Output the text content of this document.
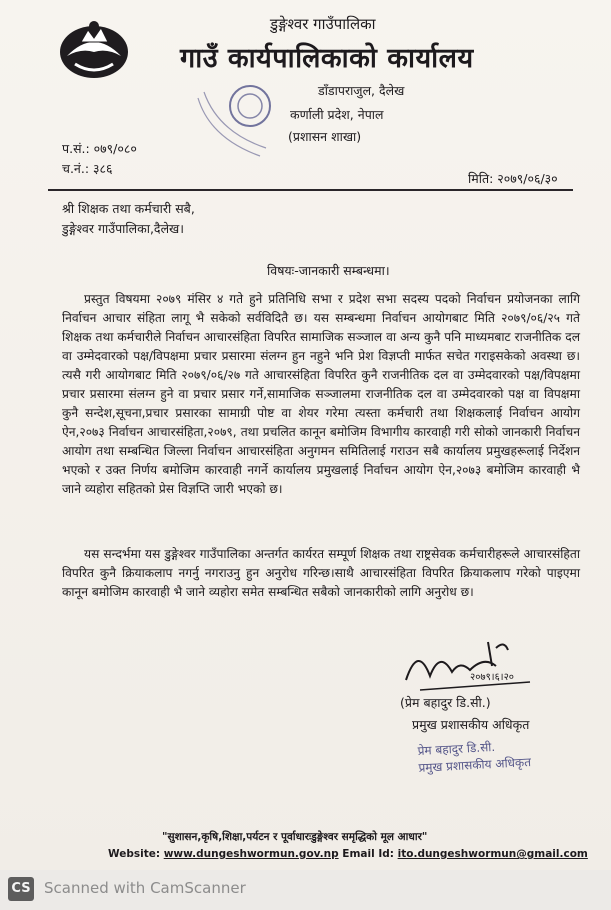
डुङ्गेश्वर गाउँपालिका
गाउँ कार्यपालिकाको कार्यालय
डाँडापराजुल, दैलेख
कर्णाली प्रदेश, नेपाल
(प्रशासन शाखा)
प.सं.: ०७९/०८०
च.नं.: ३८६
मिति: २०७९/०६/३०
श्री शिक्षक तथा कर्मचारी सबै,
डुङ्गेश्वर गाउँपालिका,दैलेख।
विषयः-जानकारी सम्बन्धमा।

प्रस्तुत विषयमा २०७९ मंसिर ४ गते हुने प्रतिनिधि सभा र प्रदेश सभा सदस्य पदको निर्वाचन प्रयोजनका लागि निर्वाचन आचार संहिता लागू भै सकेको सर्वविदितै छ। यस सम्बन्धमा निर्वाचन आयोगबाट मिति २०७९/०६/२५ गते शिक्षक तथा कर्मचारीले निर्वाचन आचारसंहिता विपरित सामाजिक सञ्जाल वा अन्य कुनै पनि माध्यमबाट राजनीतिक दल वा उम्मेदवारको पक्ष/विपक्षमा प्रचार प्रसारमा संलग्न हुन नहुने भनि प्रेश विज्ञप्ती मार्फत सचेत गराइसकेको अवस्था छ।त्यसै गरी आयोगबाट मिति २०७९/०६/२७ गते आचारसंहिता विपरित कुनै राजनीतिक दल वा उम्मेदवारको पक्ष/विपक्षमा प्रचार प्रसारमा संलग्न हुने वा प्रचार प्रसार गर्ने,सामाजिक सञ्जालमा राजनीतिक दल वा उम्मेदवारको पक्ष वा विपक्षमा कुनै सन्देश,सूचना,प्रचार प्रसारका सामाग्री पोष्ट वा शेयर गरेमा त्यस्ता कर्मचारी तथा शिक्षकलाई निर्वाचन आयोग ऐन,२०७३ निर्वाचन आचारसंहिता,२०७९, तथा प्रचलित कानून बमोजिम विभागीय कारवाही गरी सोको जानकारी निर्वाचन आयोग तथा सम्बन्धित जिल्ला निर्वाचन आचारसंहिता अनुगमन समितिलाई गराउन सबै कार्यालय प्रमुखहरूलाई निर्देशन भएको र उक्त निर्णय बमोजिम कारवाही नगर्ने कार्यालय प्रमुखलाई निर्वाचन आयोग ऐन,२०७३ बमोजिम कारवाही भै जाने व्यहोरा सहितको प्रेस विज्ञप्ति जारी भएको छ।

यस सन्दर्भमा यस डुङ्गेश्वर गाउँपालिका अन्तर्गत कार्यरत सम्पूर्ण शिक्षक तथा राष्ट्रसेवक कर्मचारीहरूले आचारसंहिता विपरित कुनै क्रियाकलाप नगर्नु नगराउनु हुन अनुरोध गरिन्छ।साथै आचारसंहिता विपरित क्रियाकलाप गरेको पाइएमा कानून बमोजिम कारवाही भै जाने व्यहोरा समेत सम्बन्धित सबैको जानकारीको लागि अनुरोध छ।

२०७९।६।२०
(प्रेम बहादुर डि.सी.)
प्रमुख प्रशासकीय अधिकृत
प्रेम बहादुर डि.सी.
प्रमुख प्रशासकीय अधिकृत
"सुशासन,कृषि,शिक्षा,पर्यटन र पूर्वाधारःडुङ्गेश्वर समृद्धिको मूल आधार"
Website: www.dungeshwormun.gov.np Email Id: ito.dungeshwormun@gmail.com
CS Scanned with CamScanner
